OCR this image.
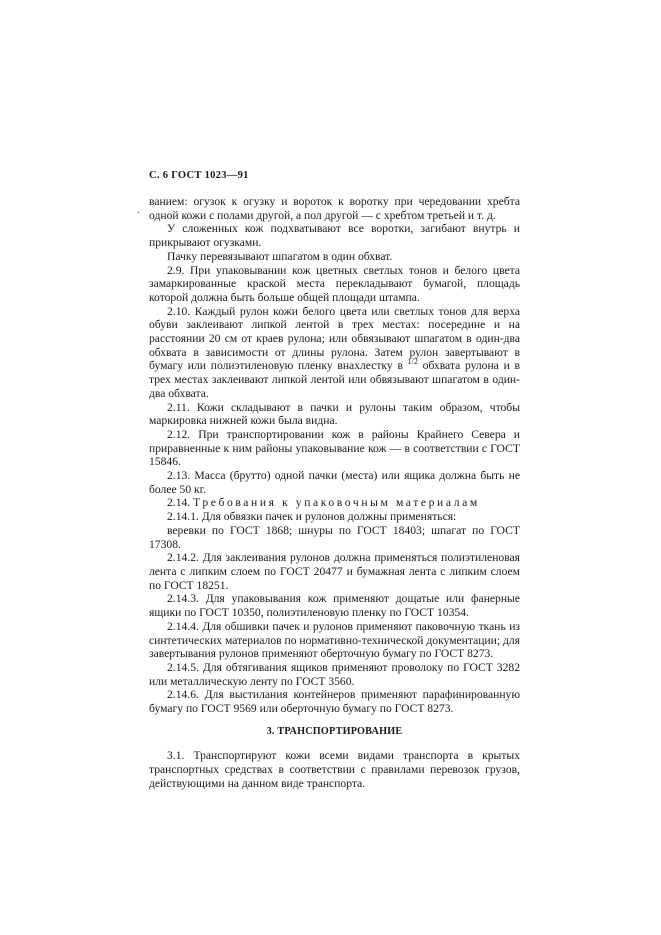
С. 6 ГОСТ 1023—91
·

ванием: огузок к огузку и вороток к воротку при чередовании хребта одной кожи с полами другой, а пол другой — с хребтом третьей и т. д.

У сложенных кож подхватывают все воротки, загибают внутрь и прикрывают огузками.

Пачку перевязывают шпагатом в один обхват.

2.9. При упаковывании кож цветных светлых тонов и белого цвета замаркированные краской места перекладывают бумагой, площадь которой должна быть больше общей площади штампа.

2.10. Каждый рулон кожи белого цвета или светлых тонов для верха обуви заклеивают липкой лентой в трех местах: посередине и на расстоянии 20 см от краев рулона; или обвязывают шпагатом в один-два обхвата в зависимости от длины рулона. Затем рулон завертывают в бумагу или полиэтиленовую пленку внахлестку в $^{1/2}$ обхвата рулона и в трех местах заклеивают липкой лентой или обвязывают шпагатом в один-два обхвата.

2.11. Кожи складывают в пачки и рулоны таким образом, чтобы маркировка нижней кожи была видна.

2.12. При транспортировании кож в районы Крайнего Севера и приравненные к ним районы упаковывание кож — в соответствии с ГОСТ 15846.

2.13. Масса (брутто) одной пачки (места) или ящика должна быть не более 50 кг.

2.14. Требования к упаковочным материалам

2.14.1. Для обвязки пачек и рулонов должны применяться:

веревки по ГОСТ 1868; шнуры по ГОСТ 18403; шпагат по ГОСТ 17308.

2.14.2. Для заклеивания рулонов должна применяться полиэтиленовая лента с липким слоем по ГОСТ 20477 и бумажная лента с липким слоем по ГОСТ 18251.

2.14.3. Для упаковывания кож применяют дощатые или фанерные ящики по ГОСТ 10350, полиэтиленовую пленку по ГОСТ 10354.

2.14.4. Для обшивки пачек и рулонов применяют паковочную ткань из синтетических материалов по нормативно-технической документации; для завертывания рулонов применяют оберточную бумагу по ГОСТ 8273.

2.14.5. Для обтягивания ящиков применяют проволоку по ГОСТ 3282 или металлическую ленту по ГОСТ 3560.

2.14.6. Для выстилания контейнеров применяют парафинированную бумагу по ГОСТ 9569 или оберточную бумагу по ГОСТ 8273.

3. ТРАНСПОРТИРОВАНИЕ

3.1. Транспортируют кожи всеми видами транспорта в крытых транспортных средствах в соответствии с правилами перевозок грузов, действующими на данном виде транспорта.
